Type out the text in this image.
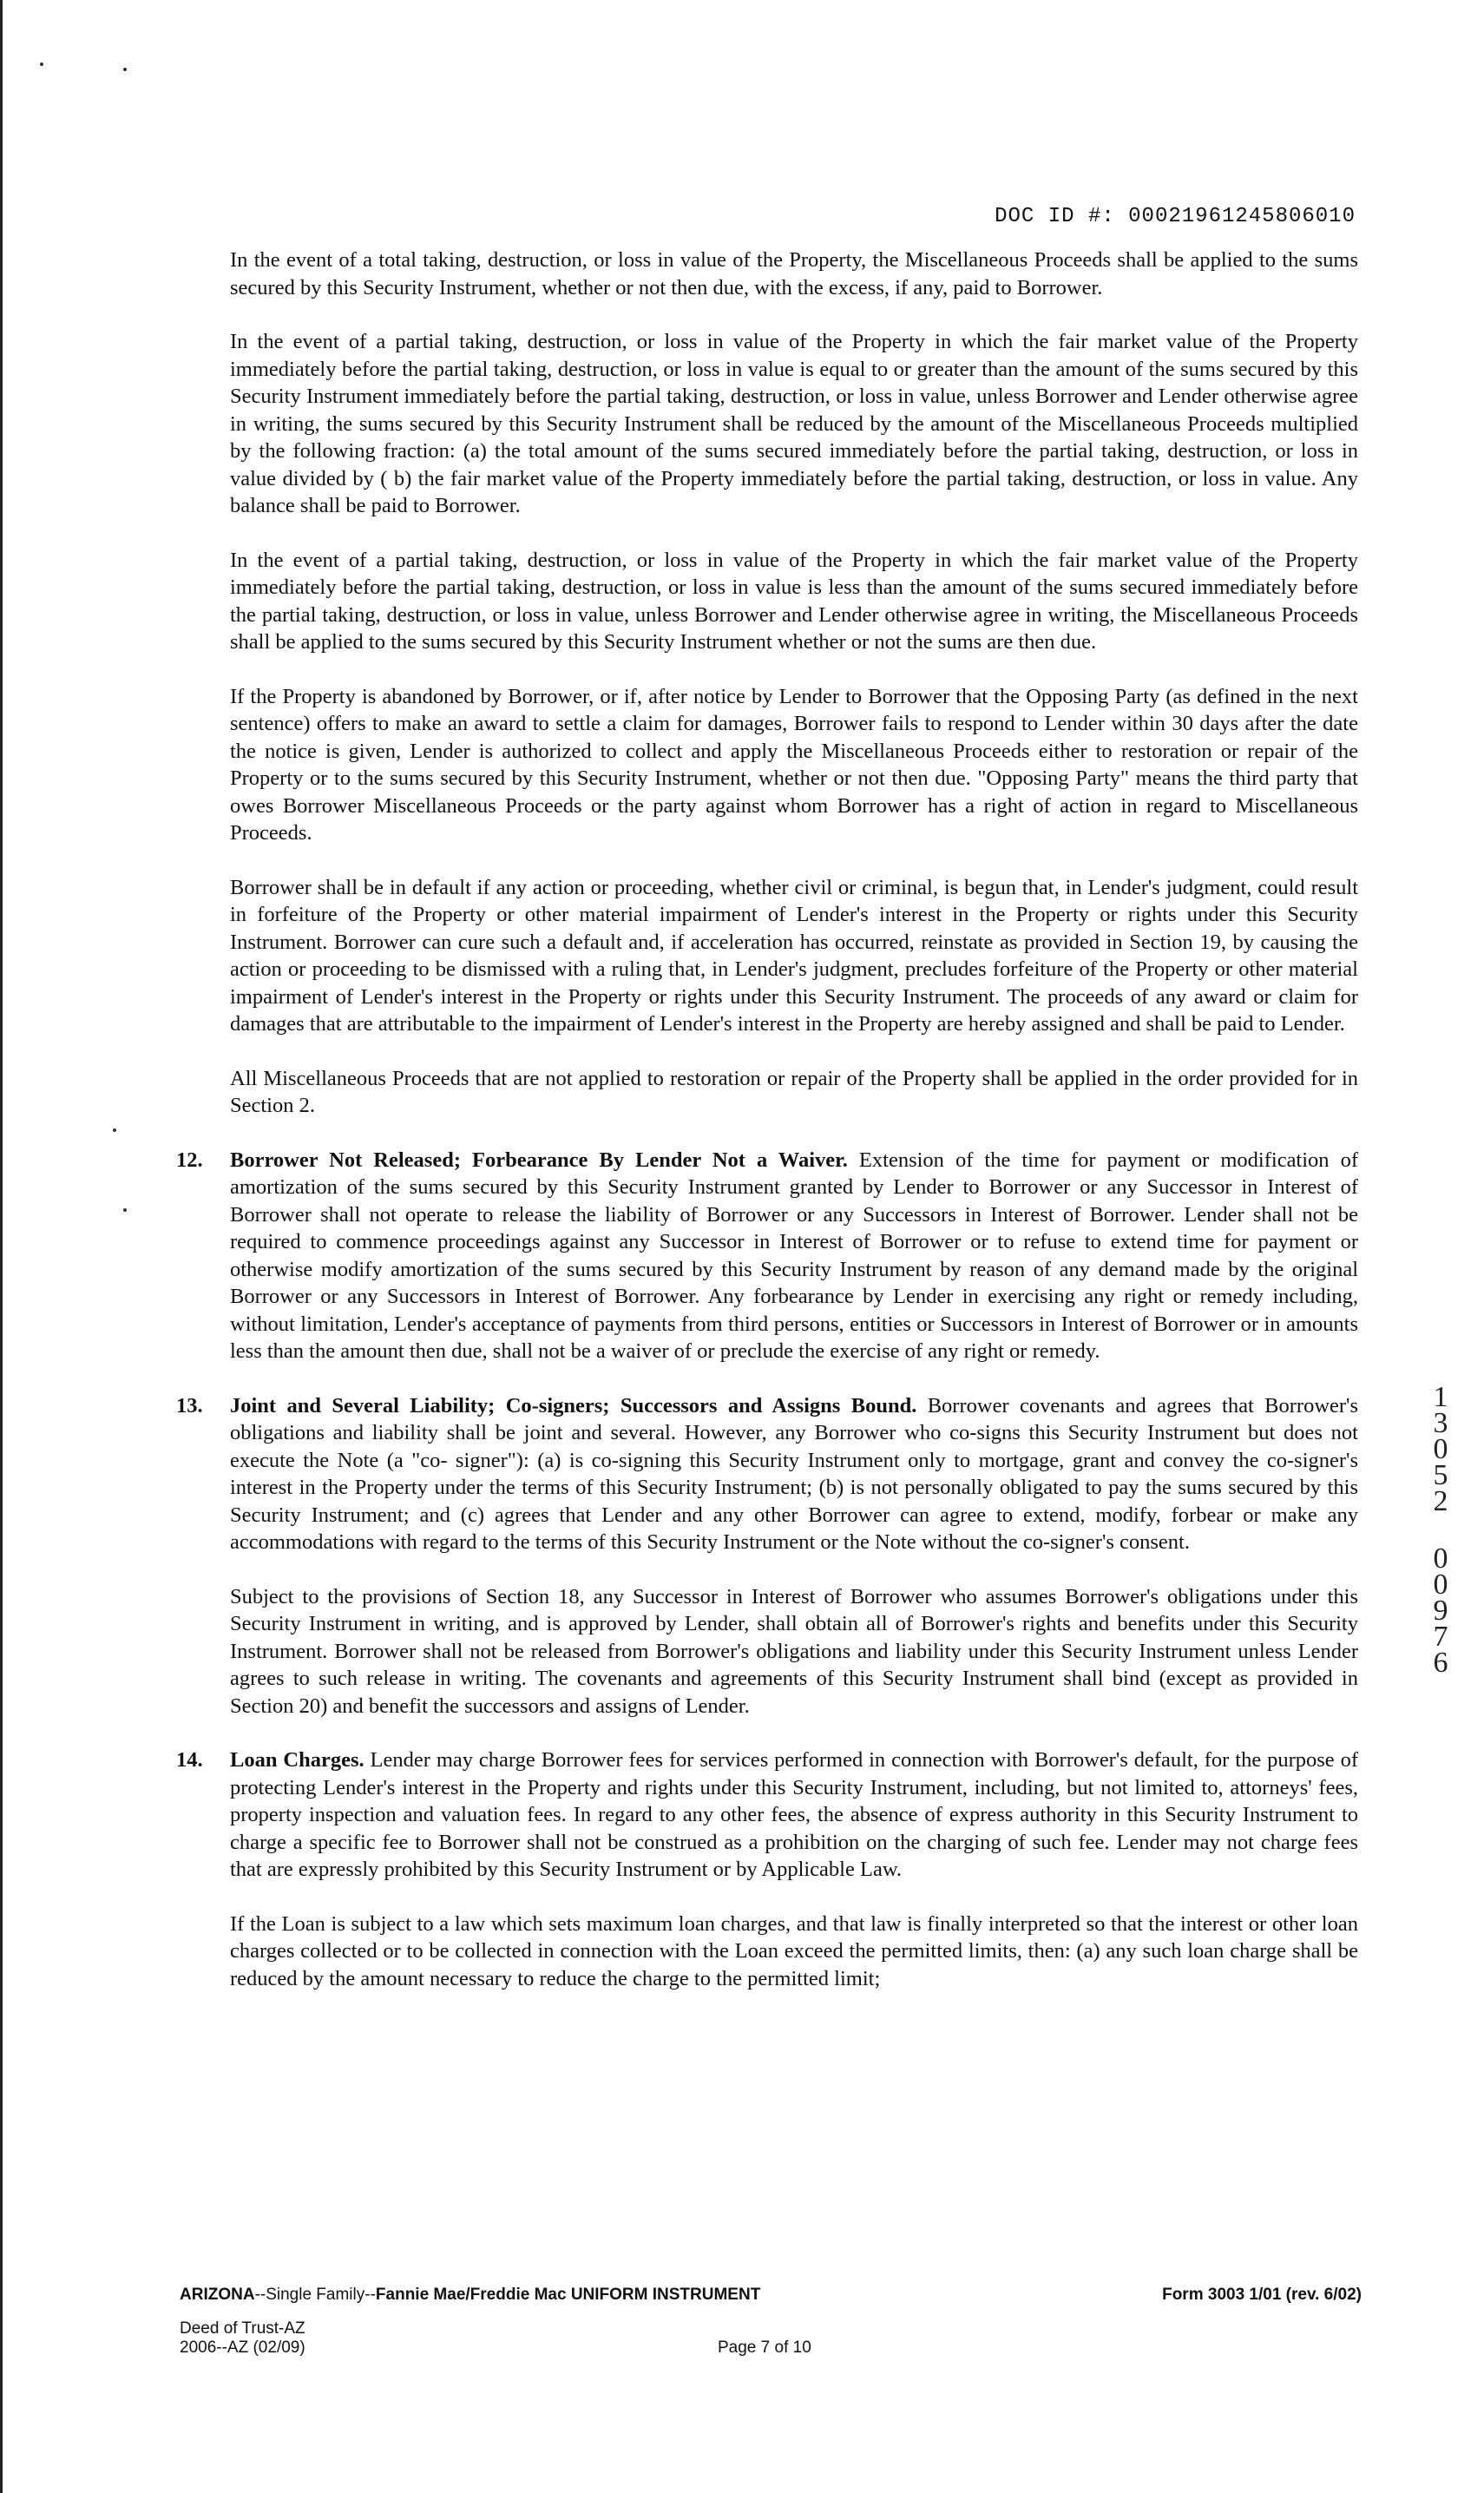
DOC ID #: 00021961245806010

In the event of a total taking, destruction, or loss in value of the Property, the Miscellaneous Proceeds shall be applied to the sums secured by this Security Instrument, whether or not then due, with the excess, if any, paid to Borrower.

In the event of a partial taking, destruction, or loss in value of the Property in which the fair market value of the Property immediately before the partial taking, destruction, or loss in value is equal to or greater than the amount of the sums secured by this Security Instrument immediately before the partial taking, destruction, or loss in value, unless Borrower and Lender otherwise agree in writing, the sums secured by this Security Instrument shall be reduced by the amount of the Miscellaneous Proceeds multiplied by the following fraction: (a) the total amount of the sums secured immediately before the partial taking, destruction, or loss in value divided by ( b) the fair market value of the Property immediately before the partial taking, destruction, or loss in value. Any balance shall be paid to Borrower.

In the event of a partial taking, destruction, or loss in value of the Property in which the fair market value of the Property immediately before the partial taking, destruction, or loss in value is less than the amount of the sums secured immediately before the partial taking, destruction, or loss in value, unless Borrower and Lender otherwise agree in writing, the Miscellaneous Proceeds shall be applied to the sums secured by this Security Instrument whether or not the sums are then due.

If the Property is abandoned by Borrower, or if, after notice by Lender to Borrower that the Opposing Party (as defined in the next sentence) offers to make an award to settle a claim for damages, Borrower fails to respond to Lender within 30 days after the date the notice is given, Lender is authorized to collect and apply the Miscellaneous Proceeds either to restoration or repair of the Property or to the sums secured by this Security Instrument, whether or not then due. "Opposing Party" means the third party that owes Borrower Miscellaneous Proceeds or the party against whom Borrower has a right of action in regard to Miscellaneous Proceeds.

Borrower shall be in default if any action or proceeding, whether civil or criminal, is begun that, in Lender's judgment, could result in forfeiture of the Property or other material impairment of Lender's interest in the Property or rights under this Security Instrument. Borrower can cure such a default and, if acceleration has occurred, reinstate as provided in Section 19, by causing the action or proceeding to be dismissed with a ruling that, in Lender's judgment, precludes forfeiture of the Property or other material impairment of Lender's interest in the Property or rights under this Security Instrument. The proceeds of any award or claim for damages that are attributable to the impairment of Lender's interest in the Property are hereby assigned and shall be paid to Lender.

All Miscellaneous Proceeds that are not applied to restoration or repair of the Property shall be applied in the order provided for in Section 2.

12. Borrower Not Released; Forbearance By Lender Not a Waiver. Extension of the time for payment or modification of amortization of the sums secured by this Security Instrument granted by Lender to Borrower or any Successor in Interest of Borrower shall not operate to release the liability of Borrower or any Successors in Interest of Borrower. Lender shall not be required to commence proceedings against any Successor in Interest of Borrower or to refuse to extend time for payment or otherwise modify amortization of the sums secured by this Security Instrument by reason of any demand made by the original Borrower or any Successors in Interest of Borrower. Any forbearance by Lender in exercising any right or remedy including, without limitation, Lender's acceptance of payments from third persons, entities or Successors in Interest of Borrower or in amounts less than the amount then due, shall not be a waiver of or preclude the exercise of any right or remedy.

13. Joint and Several Liability; Co-signers; Successors and Assigns Bound. Borrower covenants and agrees that Borrower's obligations and liability shall be joint and several. However, any Borrower who co-signs this Security Instrument but does not execute the Note (a "co- signer"): (a) is co-signing this Security Instrument only to mortgage, grant and convey the co-signer's interest in the Property under the terms of this Security Instrument; (b) is not personally obligated to pay the sums secured by this Security Instrument; and (c) agrees that Lender and any other Borrower can agree to extend, modify, forbear or make any accommodations with regard to the terms of this Security Instrument or the Note without the co-signer's consent.

Subject to the provisions of Section 18, any Successor in Interest of Borrower who assumes Borrower's obligations under this Security Instrument in writing, and is approved by Lender, shall obtain all of Borrower's rights and benefits under this Security Instrument. Borrower shall not be released from Borrower's obligations and liability under this Security Instrument unless Lender agrees to such release in writing. The covenants and agreements of this Security Instrument shall bind (except as provided in Section 20) and benefit the successors and assigns of Lender.

14. Loan Charges. Lender may charge Borrower fees for services performed in connection with Borrower's default, for the purpose of protecting Lender's interest in the Property and rights under this Security Instrument, including, but not limited to, attorneys' fees, property inspection and valuation fees. In regard to any other fees, the absence of express authority in this Security Instrument to charge a specific fee to Borrower shall not be construed as a prohibition on the charging of such fee. Lender may not charge fees that are expressly prohibited by this Security Instrument or by Applicable Law.

If the Loan is subject to a law which sets maximum loan charges, and that law is finally interpreted so that the interest or other loan charges collected or to be collected in connection with the Loan exceed the permitted limits, then: (a) any such loan charge shall be reduced by the amount necessary to reduce the charge to the permitted limit;

1
3
0
5
2
0
0
9
7
6
ARIZONA--Single Family--Fannie Mae/Freddie Mac UNIFORM INSTRUMENT	Form 3003 1/01 (rev. 6/02)
Deed of Trust-AZ
2006--AZ (02/09)	Page 7 of 10
